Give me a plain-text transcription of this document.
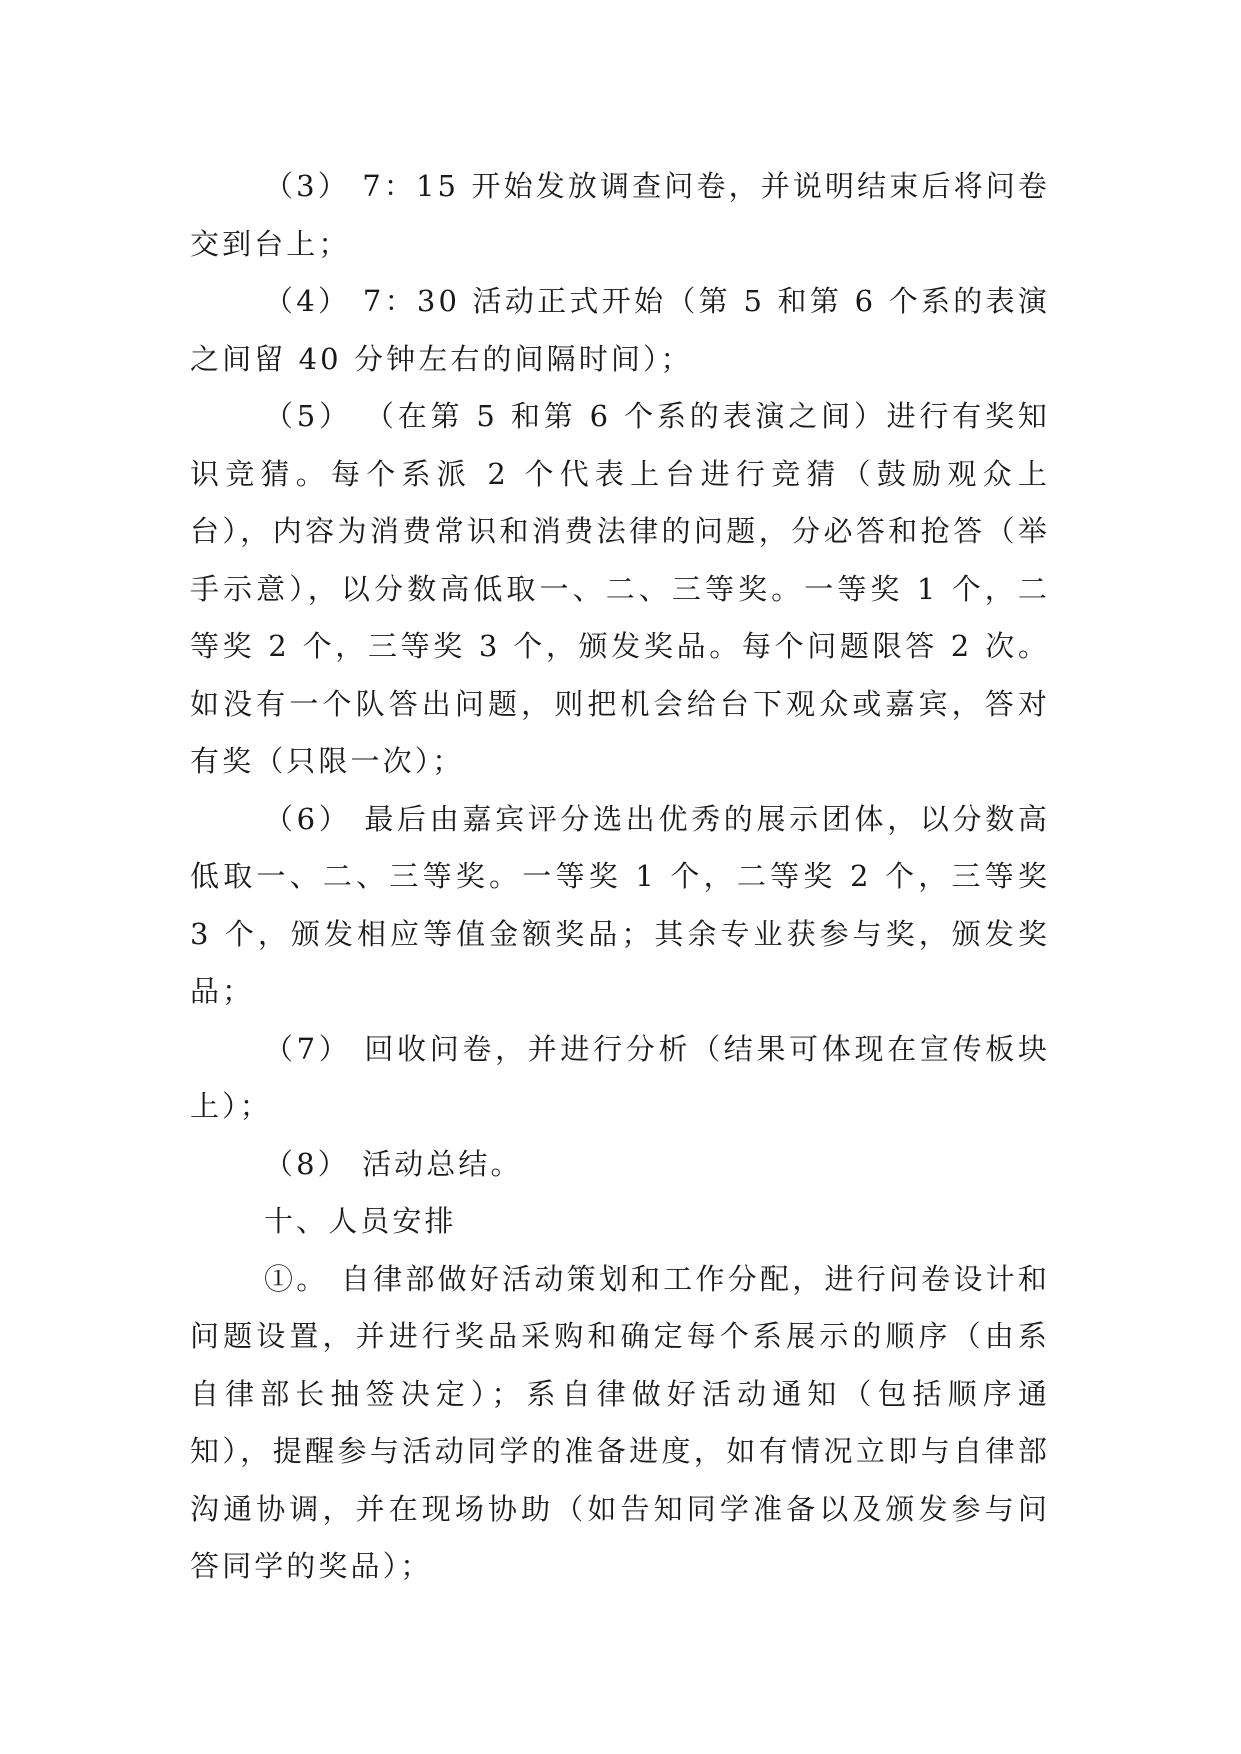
（3） 7：15 开始发放调查问卷，并说明结束后将问卷交到台上；

（4） 7：30 活动正式开始（第 5 和第 6 个系的表演之间留 40 分钟左右的间隔时间）；

（5） （在第 5 和第 6 个系的表演之间）进行有奖知识竞猜。每个系派 2 个代表上台进行竞猜（鼓励观众上台），内容为消费常识和消费法律的问题，分必答和抢答（举手示意），以分数高低取一、二、三等奖。一等奖 1 个，二等奖 2 个，三等奖 3 个，颁发奖品。每个问题限答 2 次。如没有一个队答出问题，则把机会给台下观众或嘉宾，答对有奖（只限一次）；

（6） 最后由嘉宾评分选出优秀的展示团体，以分数高低取一、二、三等奖。一等奖 1 个，二等奖 2 个，三等奖 3 个，颁发相应等值金额奖品；其余专业获参与奖，颁发奖品；

（7） 回收问卷，并进行分析（结果可体现在宣传板块上）；

（8） 活动总结。

十、人员安排

①。 自律部做好活动策划和工作分配，进行问卷设计和问题设置，并进行奖品采购和确定每个系展示的顺序（由系自律部长抽签决定）；系自律做好活动通知（包括顺序通知），提醒参与活动同学的准备进度，如有情况立即与自律部沟通协调，并在现场协助（如告知同学准备以及颁发参与问答同学的奖品）；
